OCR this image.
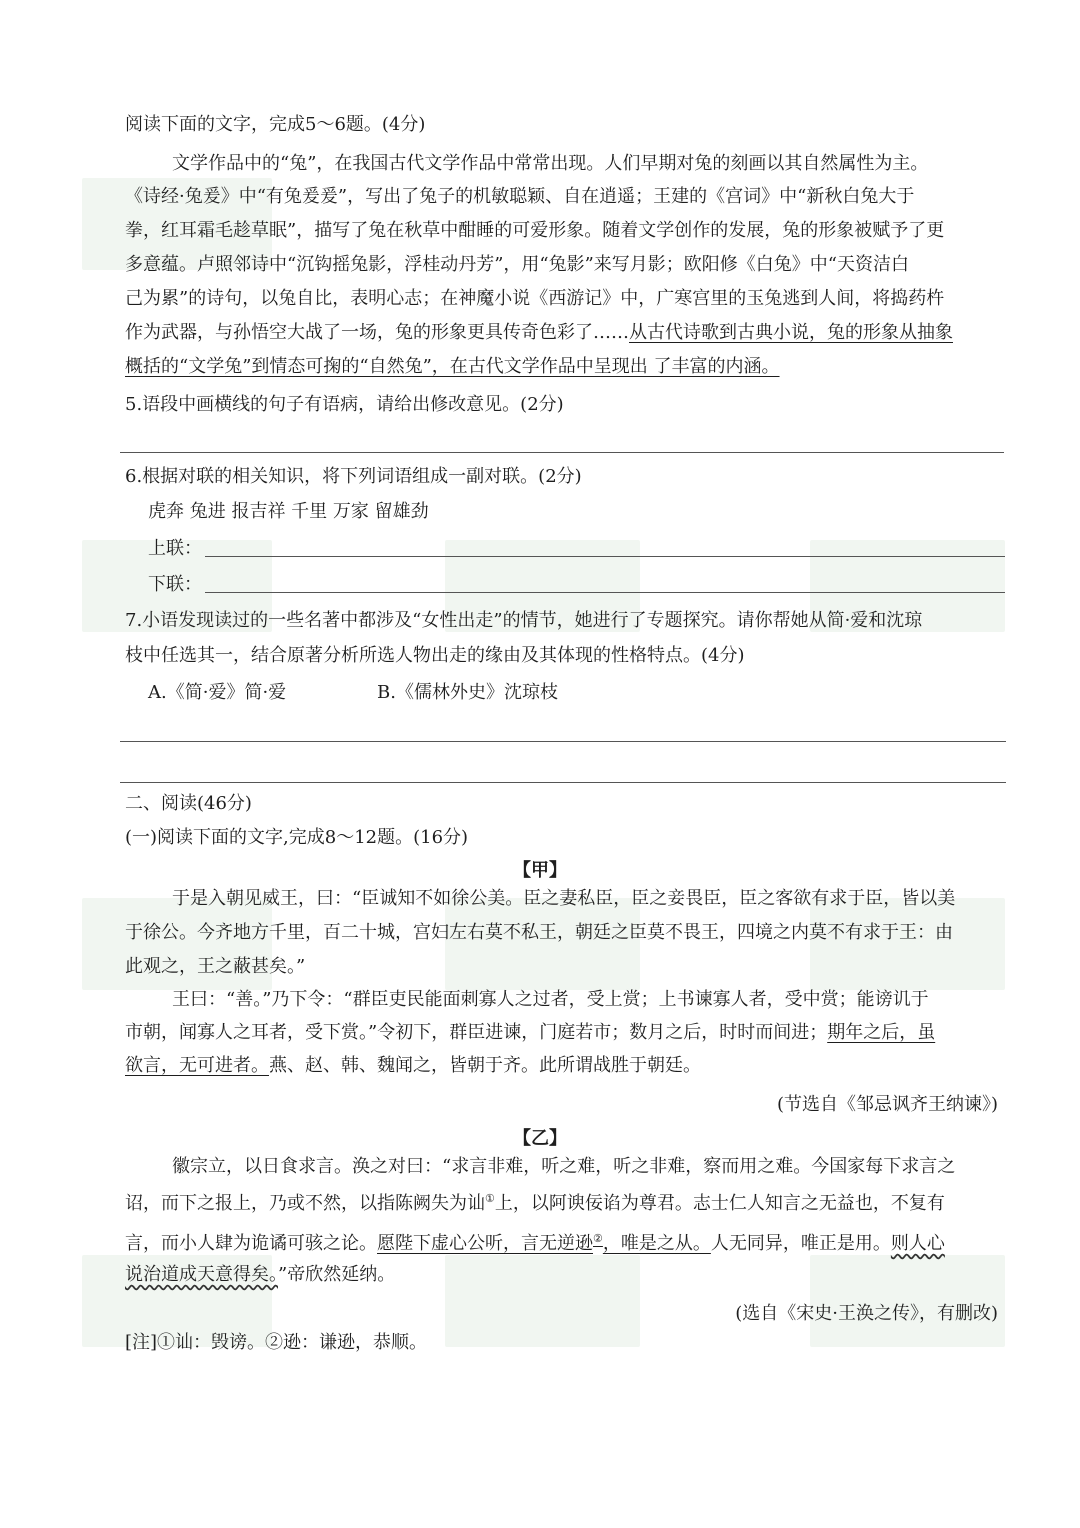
阅读下面的文字，完成5～6题。(4分)
文学作品中的“兔”，在我国古代文学作品中常常出现。人们早期对兔的刻画以其自然属性为主。
《诗经·兔爰》中“有兔爰爰”，写出了兔子的机敏聪颖、自在逍遥；王建的《宫词》中“新秋白兔大于
拳，红耳霜毛趁草眠”，描写了兔在秋草中酣睡的可爱形象。随着文学创作的发展，兔的形象被赋予了更
多意蕴。卢照邻诗中“沉钩摇兔影，浮桂动丹芳”，用“兔影”来写月影；欧阳修《白兔》中“天资洁白
己为累”的诗句，以兔自比，表明心志；在神魔小说《西游记》中，广寒宫里的玉兔逃到人间，将捣药杵
作为武器，与孙悟空大战了一场，兔的形象更具传奇色彩了……从古代诗歌到古典小说，兔的形象从抽象
概括的“文学兔”到情态可掬的“自然兔”，在古代文学作品中呈现出 了丰富的内涵。
5.语段中画横线的句子有语病，请给出修改意见。(2分)
6.根据对联的相关知识，将下列词语组成一副对联。(2分)
虎奔 兔进 报吉祥 千里 万家 留雄劲
上联：
下联：
7.小语发现读过的一些名著中都涉及“女性出走”的情节，她进行了专题探究。请你帮她从简·爱和沈琼
枝中任选其一，结合原著分析所选人物出走的缘由及其体现的性格特点。(4分)
A.《简·爱》简·爱	B.《儒林外史》沈琼枝
二、阅读(46分)
(一)阅读下面的文字,完成8～12题。(16分)
【甲】
于是入朝见威王，曰：“臣诚知不如徐公美。臣之妻私臣，臣之妾畏臣，臣之客欲有求于臣，皆以美
于徐公。今齐地方千里，百二十城，宫妇左右莫不私王，朝廷之臣莫不畏王，四境之内莫不有求于王：由
此观之，王之蔽甚矣。”
王曰：“善。”乃下令：“群臣吏民能面刺寡人之过者，受上赏；上书谏寡人者，受中赏；能谤讥于
市朝，闻寡人之耳者，受下赏。”令初下，群臣进谏，门庭若市；数月之后，时时而间进；期年之后，虽
欲言，无可进者。燕、赵、韩、魏闻之，皆朝于齐。此所谓战胜于朝廷。
(节选自《邹忌讽齐王纳谏》)
【乙】
徽宗立，以日食求言。涣之对曰：“求言非难，听之难，听之非难，察而用之难。今国家每下求言之
诏，而下之报上，乃或不然，以指陈阙失为讪①上，以阿谀佞谄为尊君。志士仁人知言之无益也，不复有
言，而小人肆为诡谲可骇之论。愿陛下虚心公听，言无逆逊②，唯是之从。人无同异，唯正是用。则人心
说治道成天意得矣。”帝欣然延纳。
(选自《宋史·王涣之传》，有删改)
[注]①讪：毁谤。②逊：谦逊，恭顺。
